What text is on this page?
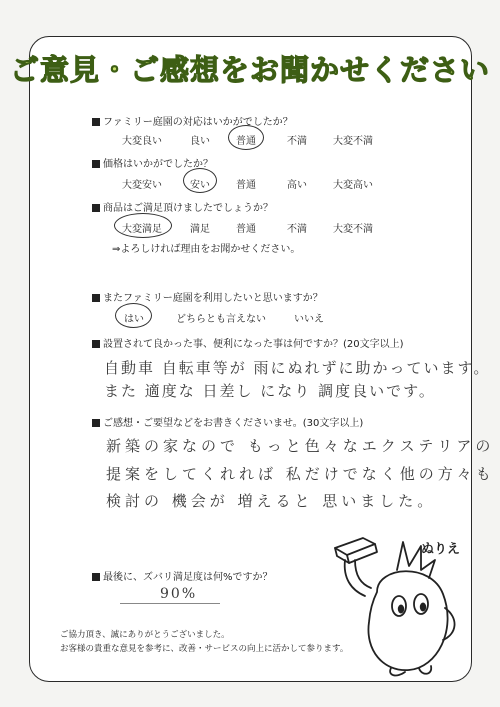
ご意見・ご感想をお聞かせください
ファミリー庭園の対応はいかがでしたか？
大変良い	良い	普通	不満	大変不満
価格はいかがでしたか？
大変安い	安い	普通	高い	大変高い
商品はご満足頂けましたでしょうか？
大変満足	満足	普通	不満	大変不満
⇒よろしければ理由をお聞かせください。
またファミリー庭園を利用したいと思いますか？
はい	どちらとも言えない	いいえ
設置されて良かった事、便利になった事は何ですか？(20文字以上)
自動車 自転車等が 雨にぬれずに助かっています。
また 適度な 日差し になり 調度良いです。
ご感想・ご要望などをお書きくださいませ。(30文字以上)
新築の家なので もっと色々なエクステリアの
提案をしてくれれば 私だけでなく他の方々も
検討の 機会が 増えると 思いました。
最後に、ズバリ満足度は何%ですか？
90%
ご協力頂き、誠にありがとうございました。
お客様の貴重な意見を参考に、改善・サービスの向上に活かして参ります。
ぬりえ
